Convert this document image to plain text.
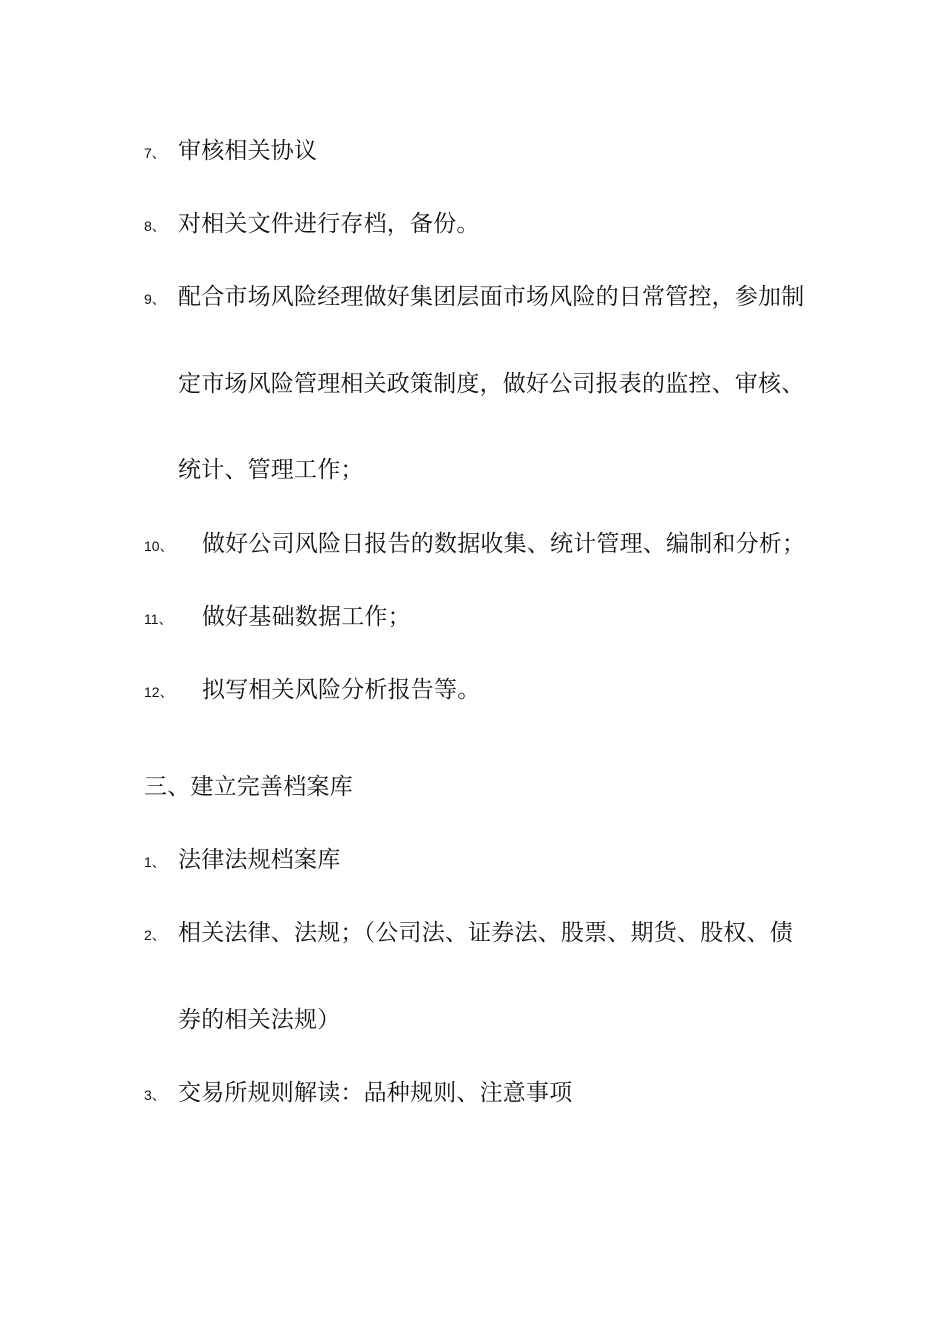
7、 审核相关协议
8、 对相关文件进行存档，备份。
9、 配合市场风险经理做好集团层面市场风险的日常管控，参加制
定市场风险管理相关政策制度，做好公司报表的监控、审核、
统计、管理工作；
10、 做好公司风险日报告的数据收集、统计管理、编制和分析；
11、 做好基础数据工作；
12、 拟写相关风险分析报告等。
三、建立完善档案库
1、 法律法规档案库
2、 相关法律、法规；（公司法、证券法、股票、期货、股权、债
券的相关法规）
3、 交易所规则解读：品种规则、注意事项
